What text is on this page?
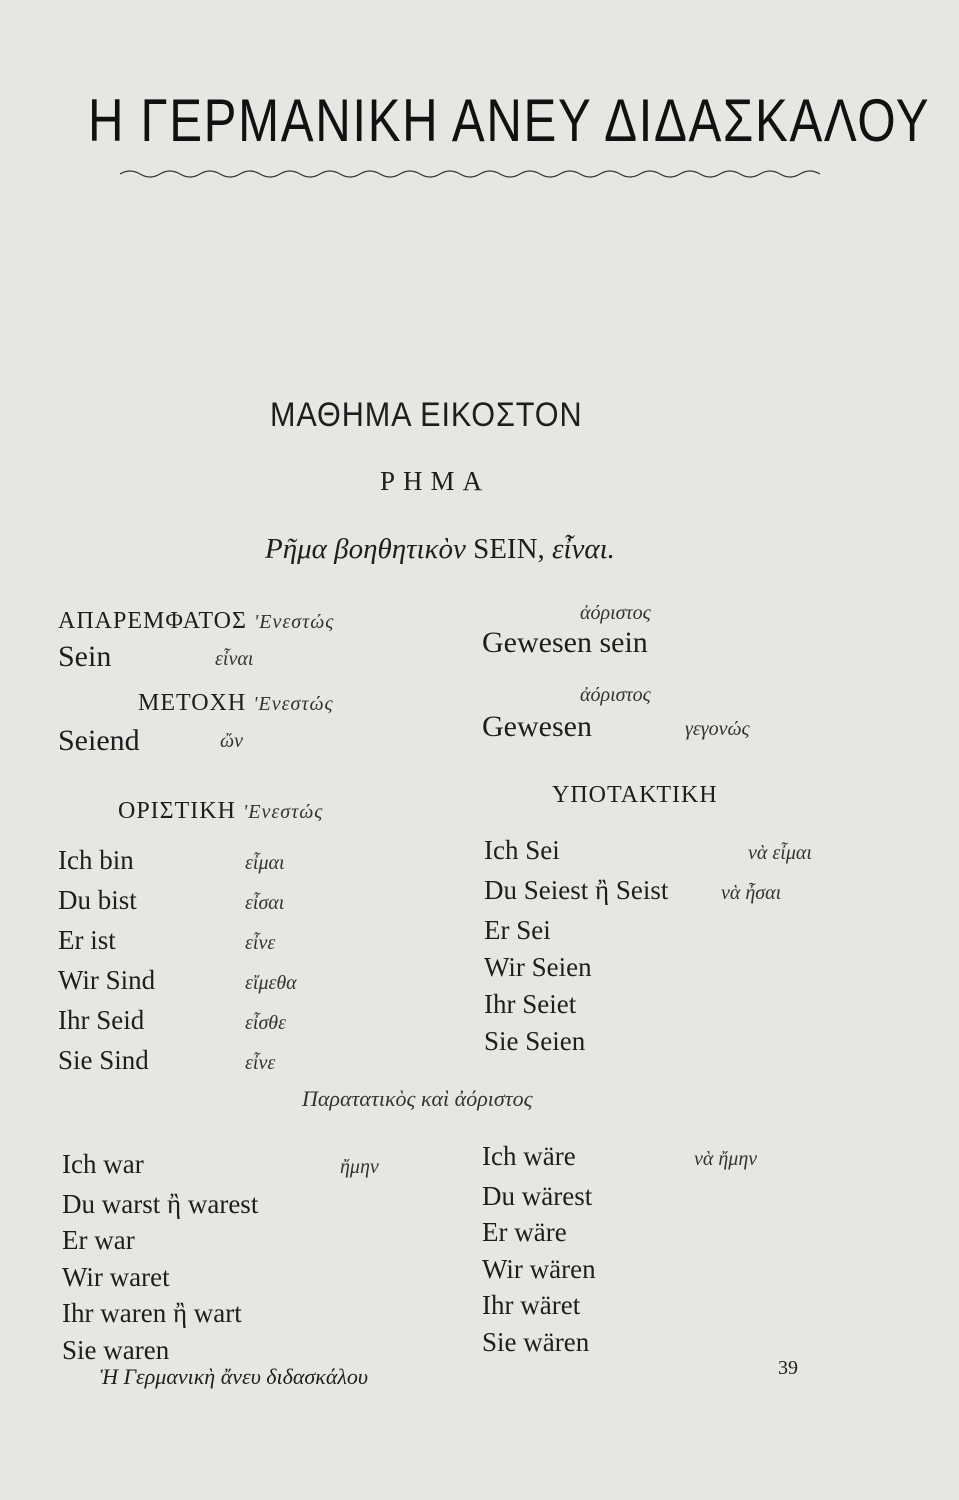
Η ΓΕΡΜΑΝΙΚΗ ΑΝΕΥ ΔΙΔΑΣΚΑΛΟΥ
ΜΑΘΗΜΑ ΕΙΚΟΣΤΟΝ
ΡΗΜΑ
Ρῆμα βοηθητικὸν SEIN, εἶναι.
ΑΠΑΡΕΜΦΑΤΟΣ 'Ενεστώς
Sein	εἶναι
ἀόριστος
Gewesen sein
ΜΕΤΟΧΗ 'Ενεστώς
Seiend	ὤν
ἀόριστος
Gewesen	γεγονώς
ΟΡΙΣΤΙΚΗ 'Ενεστώς
Ich bin	εἶμαι
Du bist	εἶσαι
Er ist	εἶνε
Wir Sind	εἴμεθα
Ihr Seid	εἶσθε
Sie Sind	εἶνε
ΥΠΟΤΑΚΤΙΚΗ
Ich Sei	νὰ εἶμαι
Du Seiest ἢ Seist	νὰ ἦσαι
Er Sei
Wir Seien
Ihr Seiet
Sie Seien
Παρατατικὸς καὶ ἀόριστος
Ich war	ἤμην
Du warst ἢ warest
Er war
Wir waret
Ihr waren ἢ wart
Sie waren
Ich wäre	νὰ ἤμην
Du wärest
Er wäre
Wir wären
Ihr wäret
Sie wären
Ἡ Γερμανικὴ ἄνευ διδασκάλου	39
